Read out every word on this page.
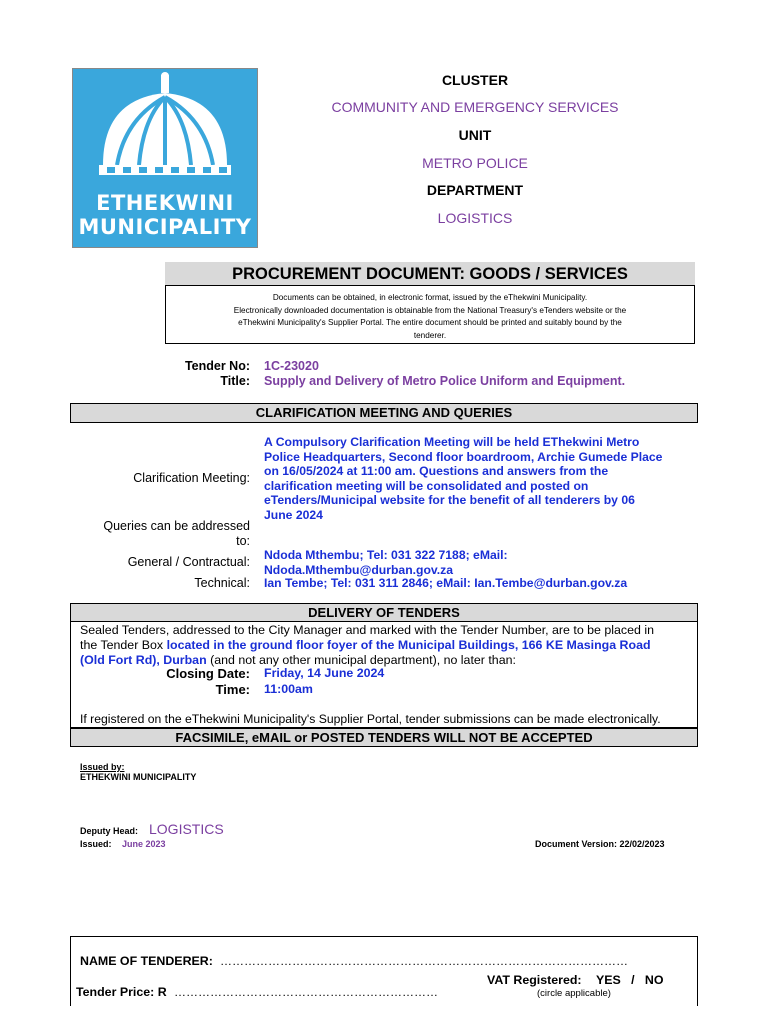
ETHEKWINI
MUNICIPALITY
CLUSTER
COMMUNITY AND EMERGENCY SERVICES
UNIT
METRO POLICE
DEPARTMENT
LOGISTICS
PROCUREMENT DOCUMENT: GOODS / SERVICES
Documents can be obtained, in electronic format, issued by the eThekwini Municipality.
Electronically downloaded documentation is obtainable from the National Treasury's eTenders website or the
eThekwini Municipality's Supplier Portal. The entire document should be printed and suitably bound by the
tenderer.
Tender No: 1C-23020
Title: Supply and Delivery of Metro Police Uniform and Equipment.
CLARIFICATION MEETING AND QUERIES
Clarification Meeting:
A Compulsory Clarification Meeting will be held EThekwini Metro
Police Headquarters, Second floor boardroom, Archie Gumede Place
on 16/05/2024 at 11:00 am. Questions and answers from the
clarification meeting will be consolidated and posted on
eTenders/Municipal website for the benefit of all tenderers by 06
June 2024
Queries can be addressed
to:
General / Contractual: Ndoda Mthembu; Tel: 031 322 7188; eMail:
Ndoda.Mthembu@durban.gov.za
Technical: Ian Tembe; Tel: 031 311 2846; eMail: Ian.Tembe@durban.gov.za
DELIVERY OF TENDERS
Sealed Tenders, addressed to the City Manager and marked with the Tender Number, are to be placed in
the Tender Box located in the ground floor foyer of the Municipal Buildings, 166 KE Masinga Road
(Old Fort Rd), Durban (and not any other municipal department), no later than:
Closing Date: Friday, 14 June 2024
Time: 11:00am
If registered on the eThekwini Municipality's Supplier Portal, tender submissions can be made electronically.
FACSIMILE, eMAIL or POSTED TENDERS WILL NOT BE ACCEPTED
Issued by:
ETHEKWINI MUNICIPALITY
Deputy Head: LOGISTICS
Issued: June 2023	Document Version: 22/02/2023
NAME OF TENDERER: …………………………………………………………………………………………
VAT Registered: YES   /   NO
(circle applicable)
Tender Price: R …………………………………………………………
